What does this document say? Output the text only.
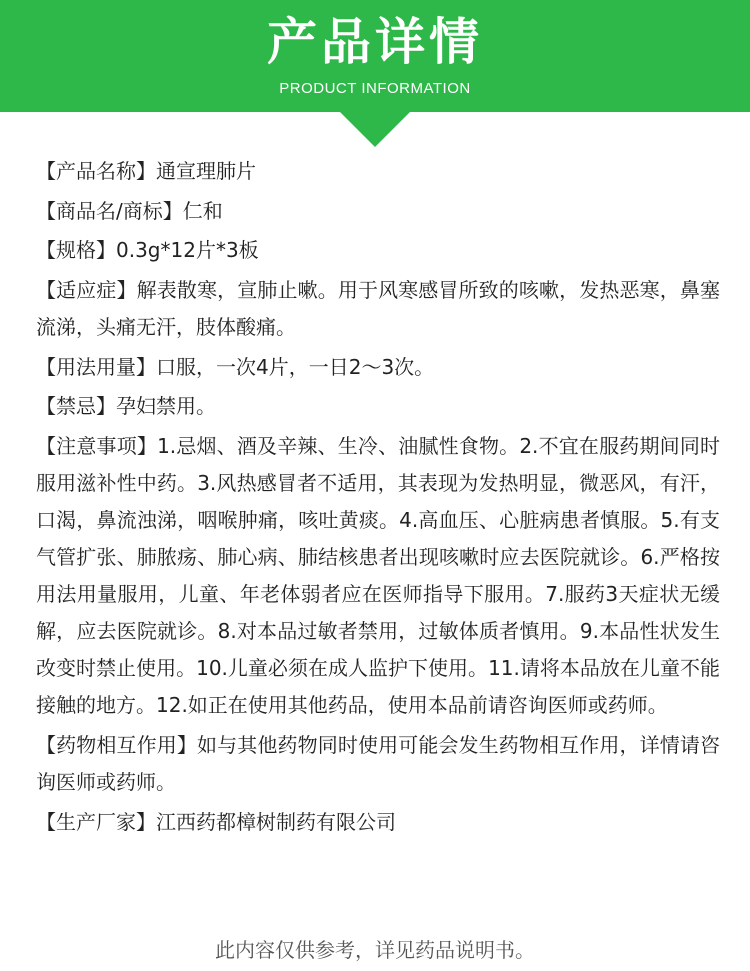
产品详情
PRODUCT INFORMATION
【产品名称】通宣理肺片
【商品名/商标】仁和
【规格】0.3g*12片*3板
【适应症】解表散寒，宣肺止嗽。用于风寒感冒所致的咳嗽，发热恶寒，鼻塞流涕，头痛无汗，肢体酸痛。
【用法用量】口服，一次4片，一日2～3次。
【禁忌】孕妇禁用。
【注意事项】1.忌烟、酒及辛辣、生冷、油腻性食物。2.不宜在服药期间同时服用滋补性中药。3.风热感冒者不适用，其表现为发热明显，微恶风，有汗，口渴，鼻流浊涕，咽喉肿痛，咳吐黄痰。4.高血压、心脏病患者慎服。5.有支气管扩张、肺脓疡、肺心病、肺结核患者出现咳嗽时应去医院就诊。6.严格按用法用量服用，儿童、年老体弱者应在医师指导下服用。7.服药3天症状无缓解，应去医院就诊。8.对本品过敏者禁用，过敏体质者慎用。9.本品性状发生改变时禁止使用。10.儿童必须在成人监护下使用。11.请将本品放在儿童不能接触的地方。12.如正在使用其他药品，使用本品前请咨询医师或药师。
【药物相互作用】如与其他药物同时使用可能会发生药物相互作用，详情请咨询医师或药师。
【生产厂家】江西药都樟树制药有限公司
此内容仅供参考，详见药品说明书。
